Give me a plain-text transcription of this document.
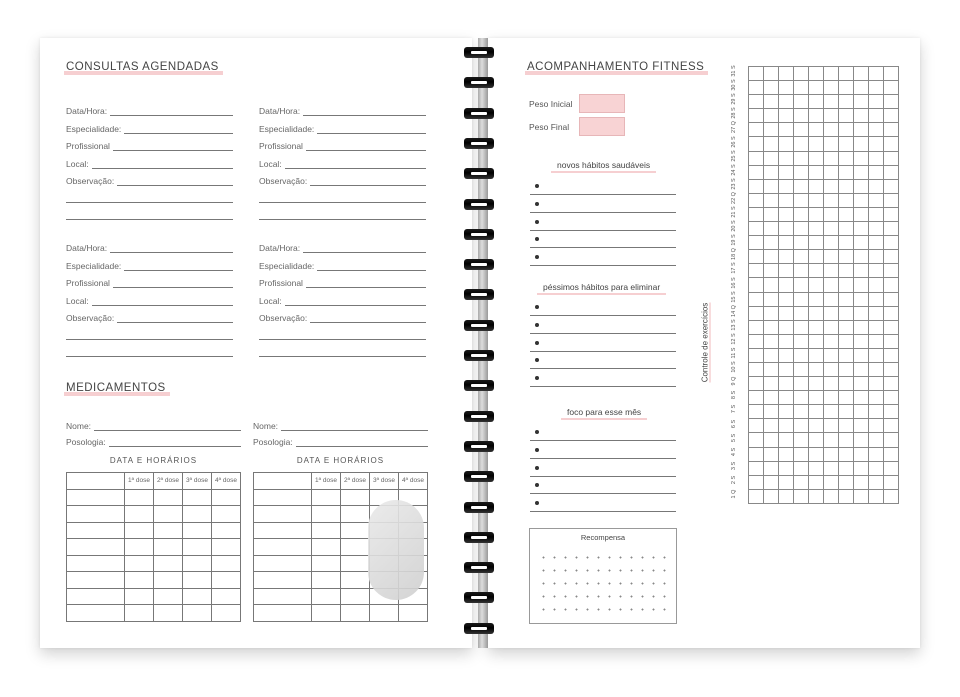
CONSULTAS AGENDADAS
Data/Hora:
Especialidade:
Profissional
Local:
Observação:
Data/Hora:
Especialidade:
Profissional
Local:
Observação:
Data/Hora:
Especialidade:
Profissional
Local:
Observação:
Data/Hora:
Especialidade:
Profissional
Local:
Observação:
MEDICAMENTOS
Nome:
Posologia:
DATA E HORÁRIOS
	1ª dose	2ª dose	3ª dose	4ª dose

Nome:
Posologia:
DATA E HORÁRIOS
	1ª dose	2ª dose	3ª dose	4ª dose

ACOMPANHAMENTO FITNESS
Peso Inicial
Peso Final
novos hábitos saudáveis
péssimos hábitos para eliminar
foco para esse mês
Recompensa
Controle de exercícios
31 S
30 S
29 S
28 S
27 Q
26 S
25 S
24 S
23 S
22 Q
21 S
20 S
19 S
18 Q
17 S
16 S
15 S
14 Q
13 S
12 S
11 S
10 S
9 Q
8 S
7 S
6 S
5 S
4 S
3 S
2 S
1 Q
